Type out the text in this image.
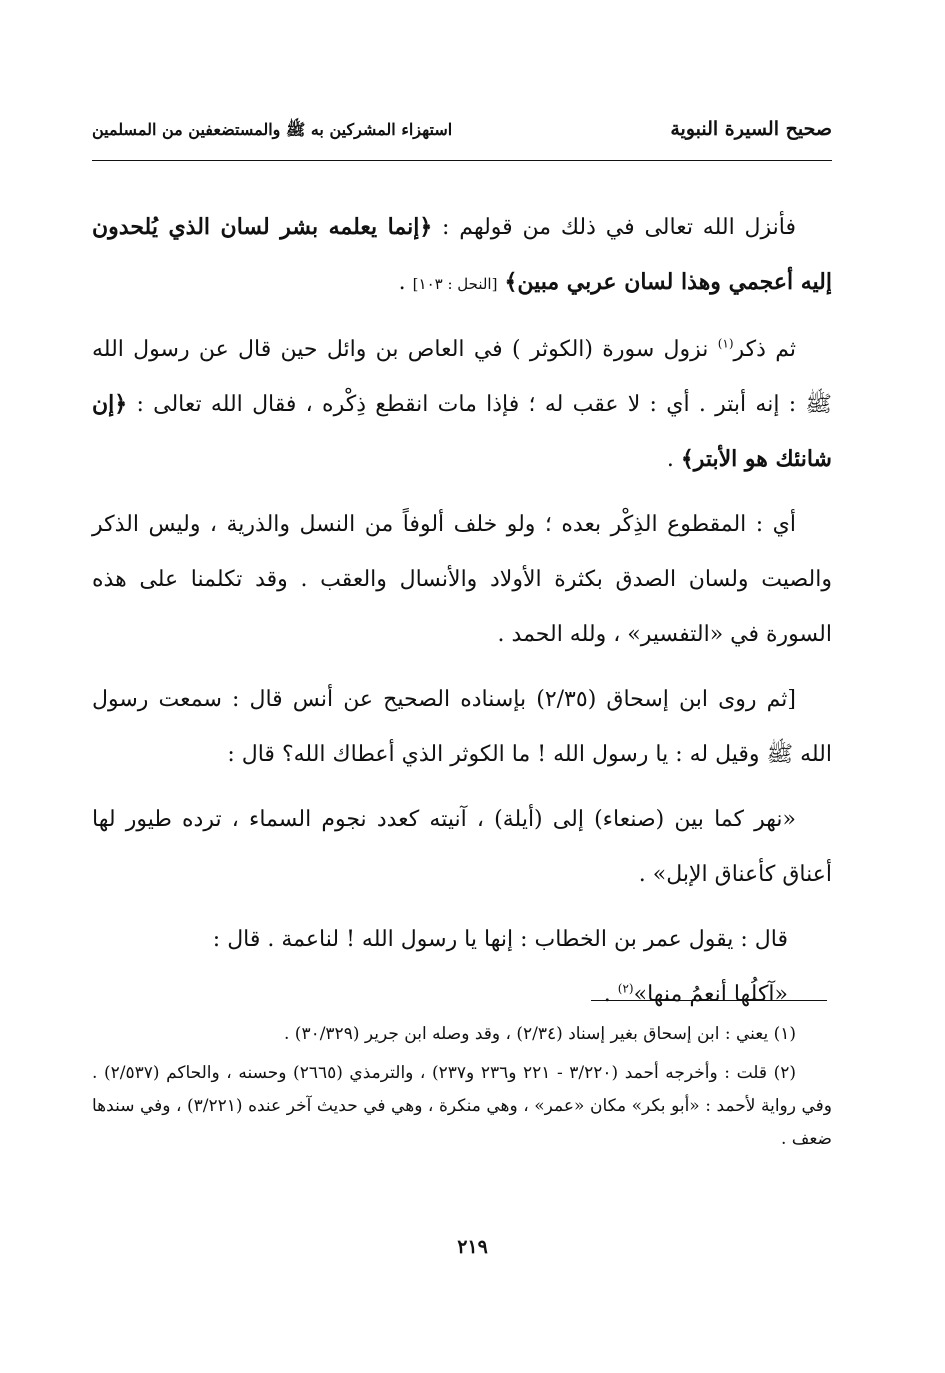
صحيح السيرة النبوية
استهزاء المشركين به ﷺ والمستضعفين من المسلمين

فأنزل الله تعالى في ذلك من قولهم : ﴿إنما يعلمه بشر لسان الذي يُلحدون إليه أعجمي وهذا لسان عربي مبين﴾ [النحل : ١٠٣] .

ثم ذكر$^{(١)}$ نزول سورة (الكوثر ) في العاص بن وائل حين قال عن رسول الله ﷺ : إنه أبتر . أي : لا عقب له ؛ فإذا مات انقطع ذِكْره ، فقال الله تعالى : ﴿إن شانئك هو الأبتر﴾ .

أي : المقطوع الذِكْر بعده ؛ ولو خلف ألوفاً من النسل والذرية ، وليس الذكر والصيت ولسان الصدق بكثرة الأولاد والأنسال والعقب . وقد تكلمنا على هذه السورة في «التفسير» ، ولله الحمد .

[ثم روى ابن إسحاق (٢/٣٥) بإسناده الصحيح عن أنس قال : سمعت رسول الله ﷺ وقيل له : يا رسول الله ! ما الكوثر الذي أعطاك الله؟ قال :

«نهر كما بين (صنعاء) إلى (أيلة) ، آنيته كعدد نجوم السماء ، ترده طيور لها أعناق كأعناق الإبل» .

قال : يقول عمر بن الخطاب : إنها يا رسول الله ! لناعمة . قال :

«آكلُها أنعمُ منها»$^{(٢)}$ .

(١) يعني : ابن إسحاق بغير إسناد (٢/٣٤) ، وقد وصله ابن جرير (٣٠/٣٢٩) .

(٢) قلت : وأخرجه أحمد (٣/٢٢٠ - ٢٢١ و٢٣٦ و٢٣٧) ، والترمذي (٢٦٦٥) وحسنه ، والحاكم (٢/٥٣٧) . وفي رواية لأحمد : «أبو بكر» مكان «عمر» ، وهي منكرة ، وهي في حديث آخر عنده (٣/٢٢١) ، وفي سندها ضعف .

٢١٩
